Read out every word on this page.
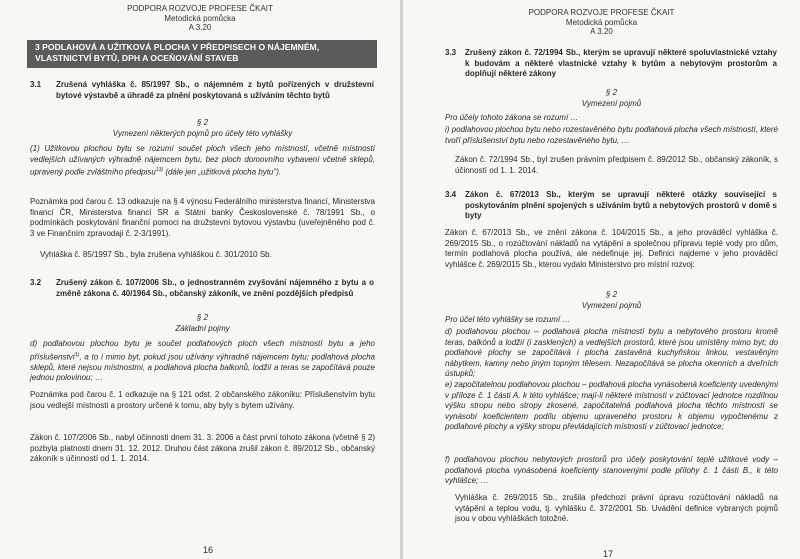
PODPORA ROZVOJE PROFESE ČKAIT
Metodická pomůcka
A 3.20
3 PODLAHOVÁ A UŽITKOVÁ PLOCHA V PŘEDPISECH O NÁJEMNÉM, VLASTNICTVÍ BYTŮ, DPH A OCEŇOVÁNÍ STAVEB
3.1 Zrušená vyhláška č. 85/1997 Sb., o nájemném z bytů pořízených v družstevní bytové výstavbě a úhradě za plnění poskytovaná s užíváním těchto bytů
§ 2
Vymezení některých pojmů pro účely této vyhlášky
(1) Užitkovou plochou bytu se rozumí součet ploch všech jeho místností, včetně místností vedlejších užívaných výhradně nájemcem bytu, bez ploch domovního vybavení včetně sklepů, upravený podle zvláštního předpisu$^{13)}$ (dále jen „užitková plocha bytu").
Poznámka pod čarou č. 13 odkazuje na § 4 výnosu Federálního ministerstva financí, Ministerstva financí ČR, Ministerstva financí SR a Státní banky Československé č. 78/1991 Sb., o podmínkách poskytování finanční pomoci na družstevní bytovou výstavbu (uveřejněného pod č. 3 ve Finančním zpravodaji č. 2-3/1991).
Vyhláška č. 85/1997 Sb., byla zrušena vyhláškou č. 301/2010 Sb.
3.2 Zrušený zákon č. 107/2006 Sb., o jednostranném zvyšování nájemného z bytu a o změně zákona č. 40/1964 Sb., občanský zákoník, ve znění pozdějších předpisů
§ 2
Základní pojmy
d) podlahovou plochou bytu je součet podlahových ploch všech místností bytu a jeho příslušenství$^{1)}$, a to i mimo byt, pokud jsou užívány výhradně nájemcem bytu; podlahová plocha sklepů, které nejsou místnostmi, a podlahová plocha balkonů, lodžií a teras se započítává pouze jednou polovinou; …
Poznámka pod čarou č. 1 odkazuje na § 121 odst. 2 občanského zákoníku: Příslušenstvím bytu jsou vedlejší místnosti a prostory určené k tomu, aby byly s bytem užívány.
Zákon č. 107/2006 Sb., nabyl účinnosti dnem 31. 3. 2006 a část první tohoto zákona (včetně § 2) pozbyla platnosti dnem 31. 12. 2012. Druhou část zákona zrušil zákon č. 89/2012 Sb., občanský zákoník s účinností od 1. 1. 2014.
16
PODPORA ROZVOJE PROFESE ČKAIT
Metodická pomůcka
A 3.20
3.3 Zrušený zákon č. 72/1994 Sb., kterým se upravují některé spoluvlastnické vztahy k budovám a některé vlastnické vztahy k bytům a nebytovým prostorům a doplňují některé zákony
§ 2
Vymezení pojmů
Pro účely tohoto zákona se rozumí …
i) podlahovou plochou bytu nebo rozestavěného bytu podlahová plocha všech místností, které tvoří příslušenství bytu nebo rozestavěného bytu, …
Zákon č. 72/1994 Sb., byl zrušen právním předpisem č. 89/2012 Sb., občanský zákoník, s účinností od 1. 1. 2014.
3.4 Zákon č. 67/2013 Sb., kterým se upravují některé otázky související s poskytováním plnění spojených s užíváním bytů a nebytových prostorů v domě s byty
Zákon č. 67/2013 Sb., ve znění zákona č. 104/2015 Sb., a jeho prováděcí vyhláška č. 269/2015 Sb., o rozúčtování nákladů na vytápění a společnou přípravu teplé vody pro dům, termín podlahová plocha používá, ale nedefinuje jej. Definici najdeme v jeho prováděcí vyhlášce č. 269/2015 Sb., kterou vydalo Ministerstvo pro místní rozvoj:
§ 2
Vymezení pojmů
Pro účel této vyhlášky se rozumí …
d) podlahovou plochou – podlahová plocha místností bytu a nebytového prostoru kromě teras, balkónů a lodžií (i zasklených) a vedlejších prostorů, které jsou umístěny mimo byt; do podlahové plochy se započítává i plocha zastavěná kuchyňskou linkou, vestavěným nábytkem, kamny nebo jiným topným tělesem. Nezapočítává se plocha okenních a dveřních ústupků;
e) započitatelnou podlahovou plochou – podlahová plocha vynásobená koeficienty uvedenými v příloze č. 1 části A. k této vyhlášce; mají-li některé místnosti v zúčtovací jednotce rozdílnou výšku stropu nebo stropy zkosené, započitatelná podlahová plocha těchto místností se vynásobí koeficientem podílu objemu upraveného prostoru k objemu vypočtenému z podlahové plochy a výšky stropu převládajících místností v zúčtovací jednotce;
f) podlahovou plochou nebytových prostorů pro účely poskytování teplé užitkové vody – podlahová plocha vynásobená koeficienty stanovenými podle přílohy č. 1 části B., k této vyhlášce; …
Vyhláška č. 269/2015 Sb., zrušila předchozí právní úpravu rozúčtování nákladů na vytápění a teplou vodu, tj. vyhlášku č. 372/2001 Sb. Uvádění definice vybraných pojmů jsou v obou vyhláškách totožné.
17
